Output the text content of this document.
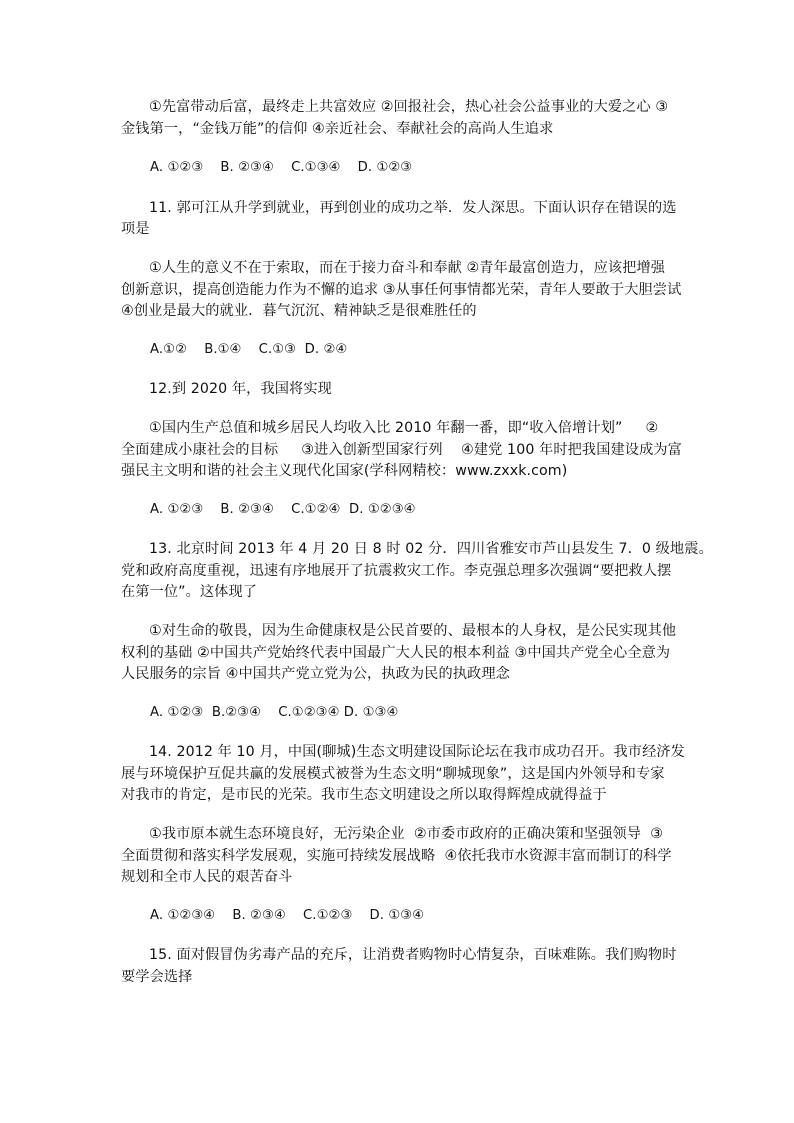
①先富带动后富，最终走上共富效应 ②回报社会，热心社会公益事业的大爱之心 ③
金钱第一，“金钱万能”的信仰 ④亲近社会、奉献社会的高尚人生追求
A. ①②③    B. ②③④    C.①③④    D. ①②③
11. 郭可江从升学到就业，再到创业的成功之举．发人深思。下面认识存在错误的选
项是
①人生的意义不在于索取，而在于接力奋斗和奉献 ②青年最富创造力，应该把增强
创新意识，提高创造能力作为不懈的追求 ③从事任何事情都光荣，青年人要敢于大胆尝试
④创业是最大的就业．暮气沉沉、精神缺乏是很难胜任的
A.①②    B.①④    C.①③  D. ②④
12.到 2020 年，我国将实现
①国内生产总值和城乡居民人均收入比 2010 年翻一番，即“收入倍增计划”     ②
全面建成小康社会的目标     ③进入创新型国家行列    ④建党 100 年时把我国建设成为富
强民主文明和谐的社会主义现代化国家(学科网精校：www.zxxk.com)
A. ①②③    B. ②③④    C.①②④  D. ①②③④
13. 北京时间 2013 年 4 月 20 日 8 时 02 分．四川省雅安市芦山县发生 7．0 级地震。
党和政府高度重视，迅速有序地展开了抗震救灾工作。李克强总理多次强调“要把救人摆
在第一位”。这体现了
①对生命的敬畏，因为生命健康权是公民首要的、最根本的人身权，是公民实现其他
权利的基础 ②中国共产党始终代表中国最广大人民的根本利益 ③中国共产党全心全意为
人民服务的宗旨 ④中国共产党立党为公，执政为民的执政理念
A. ①②③  B.②③④    C.①②③④ D. ①③④
14. 2012 年 10 月，中国(聊城)生态文明建设国际论坛在我市成功召开。我市经济发
展与环境保护互促共赢的发展模式被誉为生态文明“聊城现象”，这是国内外领导和专家
对我市的肯定，是市民的光荣。我市生态文明建设之所以取得辉煌成就得益于
①我市原本就生态环境良好，无污染企业  ②市委市政府的正确决策和坚强领导  ③
全面贯彻和落实科学发展观，实施可持续发展战略  ④依托我市水资源丰富而制订的科学
规划和全市人民的艰苦奋斗
A. ①②③④    B. ②③④    C.①②③    D. ①③④
15. 面对假冒伪劣毒产品的充斥，让消费者购物时心情复杂，百味难陈。我们购物时
要学会选择
